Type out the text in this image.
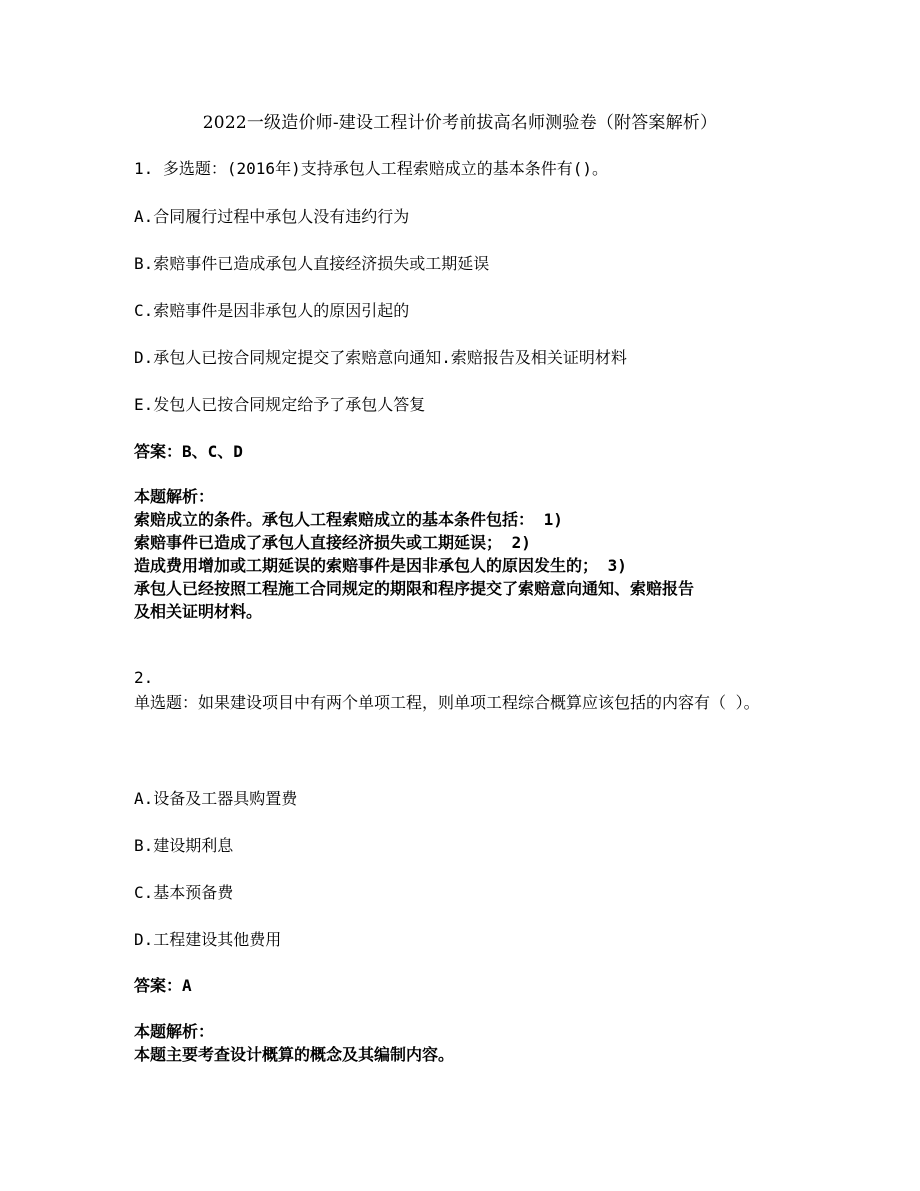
2022一级造价师-建设工程计价考前拔高名师测验卷（附答案解析）
1. 多选题：(2016年)支持承包人工程索赔成立的基本条件有()。
A.合同履行过程中承包人没有违约行为
B.索赔事件已造成承包人直接经济损失或工期延误
C.索赔事件是因非承包人的原因引起的
D.承包人已按合同规定提交了索赔意向通知.索赔报告及相关证明材料
E.发包人已按合同规定给予了承包人答复
答案：B、C、D

本题解析：

索赔成立的条件。承包人工程索赔成立的基本条件包括： 1)

索赔事件已造成了承包人直接经济损失或工期延误； 2)

造成费用增加或工期延误的索赔事件是因非承包人的原因发生的； 3)

承包人已经按照工程施工合同规定的期限和程序提交了索赔意向通知、索赔报告

及相关证明材料。

2.
单选题：如果建设项目中有两个单项工程，则单项工程综合概算应该包括的内容有（ ）。
A.设备及工器具购置费
B.建设期利息
C.基本预备费
D.工程建设其他费用
答案：A

本题解析：

本题主要考查设计概算的概念及其编制内容。
